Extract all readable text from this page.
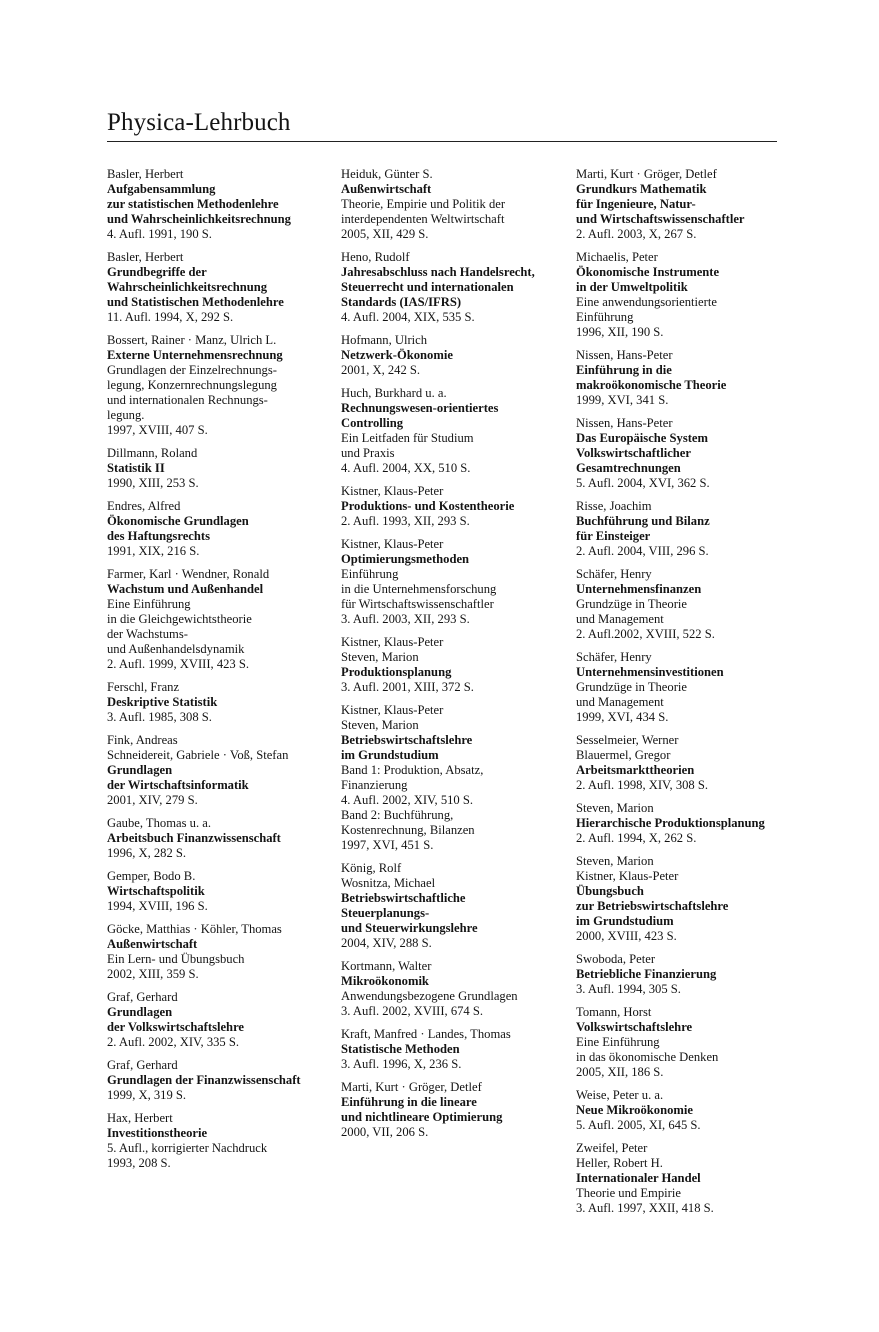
Physica-Lehrbuch
Basler, Herbert
Aufgabensammlung
zur statistischen Methodenlehre
und Wahrscheinlichkeitsrechnung
4. Aufl. 1991, 190 S.
Basler, Herbert
Grundbegriffe der
Wahrscheinlichkeitsrechnung
und Statistischen Methodenlehre
11. Aufl. 1994, X, 292 S.
Bossert, Rainer · Manz, Ulrich L.
Externe Unternehmensrechnung
Grundlagen der Einzelrechnungs-
legung, Konzernrechnungslegung
und internationalen Rechnungs-
legung.
1997, XVIII, 407 S.
Dillmann, Roland
Statistik II
1990, XIII, 253 S.
Endres, Alfred
Ökonomische Grundlagen
des Haftungsrechts
1991, XIX, 216 S.
Farmer, Karl · Wendner, Ronald
Wachstum und Außenhandel
Eine Einführung
in die Gleichgewichtstheorie
der Wachstums-
und Außenhandelsdynamik
2. Aufl. 1999, XVIII, 423 S.
Ferschl, Franz
Deskriptive Statistik
3. Aufl. 1985, 308 S.
Fink, Andreas
Schneidereit, Gabriele · Voß, Stefan
Grundlagen
der Wirtschaftsinformatik
2001, XIV, 279 S.
Gaube, Thomas u. a.
Arbeitsbuch Finanzwissenschaft
1996, X, 282 S.
Gemper, Bodo B.
Wirtschaftspolitik
1994, XVIII, 196 S.
Göcke, Matthias · Köhler, Thomas
Außenwirtschaft
Ein Lern- und Übungsbuch
2002, XIII, 359 S.
Graf, Gerhard
Grundlagen
der Volkswirtschaftslehre
2. Aufl. 2002, XIV, 335 S.
Graf, Gerhard
Grundlagen der Finanzwissenschaft
1999, X, 319 S.
Hax, Herbert
Investitionstheorie
5. Aufl., korrigierter Nachdruck
1993, 208 S.
Heiduk, Günter S.
Außenwirtschaft
Theorie, Empirie und Politik der
interdependenten Weltwirtschaft
2005, XII, 429 S.
Heno, Rudolf
Jahresabschluss nach Handelsrecht,
Steuerrecht und internationalen
Standards (IAS/IFRS)
4. Aufl. 2004, XIX, 535 S.
Hofmann, Ulrich
Netzwerk-Ökonomie
2001, X, 242 S.
Huch, Burkhard u. a.
Rechnungswesen-orientiertes
Controlling
Ein Leitfaden für Studium
und Praxis
4. Aufl. 2004, XX, 510 S.
Kistner, Klaus-Peter
Produktions- und Kostentheorie
2. Aufl. 1993, XII, 293 S.
Kistner, Klaus-Peter
Optimierungsmethoden
Einführung
in die Unternehmensforschung
für Wirtschaftswissenschaftler
3. Aufl. 2003, XII, 293 S.
Kistner, Klaus-Peter
Steven, Marion
Produktionsplanung
3. Aufl. 2001, XIII, 372 S.
Kistner, Klaus-Peter
Steven, Marion
Betriebswirtschaftslehre
im Grundstudium
Band 1: Produktion, Absatz,
Finanzierung
4. Aufl. 2002, XIV, 510 S.
Band 2: Buchführung,
Kostenrechnung, Bilanzen
1997, XVI, 451 S.
König, Rolf
Wosnitza, Michael
Betriebswirtschaftliche
Steuerplanungs-
und Steuerwirkungslehre
2004, XIV, 288 S.
Kortmann, Walter
Mikroökonomik
Anwendungsbezogene Grundlagen
3. Aufl. 2002, XVIII, 674 S.
Kraft, Manfred · Landes, Thomas
Statistische Methoden
3. Aufl. 1996, X, 236 S.
Marti, Kurt · Gröger, Detlef
Einführung in die lineare
und nichtlineare Optimierung
2000, VII, 206 S.
Marti, Kurt · Gröger, Detlef
Grundkurs Mathematik
für Ingenieure, Natur-
und Wirtschaftswissenschaftler
2. Aufl. 2003, X, 267 S.
Michaelis, Peter
Ökonomische Instrumente
in der Umweltpolitik
Eine anwendungsorientierte
Einführung
1996, XII, 190 S.
Nissen, Hans-Peter
Einführung in die
makroökonomische Theorie
1999, XVI, 341 S.
Nissen, Hans-Peter
Das Europäische System
Volkswirtschaftlicher
Gesamtrechnungen
5. Aufl. 2004, XVI, 362 S.
Risse, Joachim
Buchführung und Bilanz
für Einsteiger
2. Aufl. 2004, VIII, 296 S.
Schäfer, Henry
Unternehmensfinanzen
Grundzüge in Theorie
und Management
2. Aufl.2002, XVIII, 522 S.
Schäfer, Henry
Unternehmensinvestitionen
Grundzüge in Theorie
und Management
1999, XVI, 434 S.
Sesselmeier, Werner
Blauermel, Gregor
Arbeitsmarkttheorien
2. Aufl. 1998, XIV, 308 S.
Steven, Marion
Hierarchische Produktionsplanung
2. Aufl. 1994, X, 262 S.
Steven, Marion
Kistner, Klaus-Peter
Übungsbuch
zur Betriebswirtschaftslehre
im Grundstudium
2000, XVIII, 423 S.
Swoboda, Peter
Betriebliche Finanzierung
3. Aufl. 1994, 305 S.
Tomann, Horst
Volkswirtschaftslehre
Eine Einführung
in das ökonomische Denken
2005, XII, 186 S.
Weise, Peter u. a.
Neue Mikroökonomie
5. Aufl. 2005, XI, 645 S.
Zweifel, Peter
Heller, Robert H.
Internationaler Handel
Theorie und Empirie
3. Aufl. 1997, XXII, 418 S.
